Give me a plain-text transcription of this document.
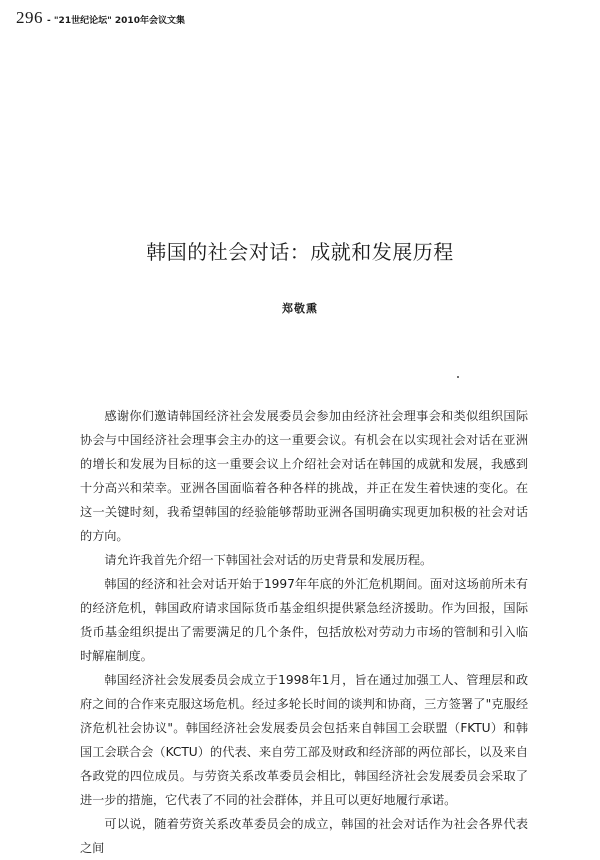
296 - "21世纪论坛" 2010年会议文集
韩国的社会对话：成就和发展历程
郑敬熏

感谢你们邀请韩国经济社会发展委员会参加由经济社会理事会和类似组织国际协会与中国经济社会理事会主办的这一重要会议。有机会在以实现社会对话在亚洲的增长和发展为目标的这一重要会议上介绍社会对话在韩国的成就和发展，我感到十分高兴和荣幸。亚洲各国面临着各种各样的挑战，并正在发生着快速的变化。在这一关键时刻，我希望韩国的经验能够帮助亚洲各国明确实现更加积极的社会对话的方向。

请允许我首先介绍一下韩国社会对话的历史背景和发展历程。

韩国的经济和社会对话开始于1997年年底的外汇危机期间。面对这场前所未有的经济危机，韩国政府请求国际货币基金组织提供紧急经济援助。作为回报，国际货币基金组织提出了需要满足的几个条件，包括放松对劳动力市场的管制和引入临时解雇制度。

韩国经济社会发展委员会成立于1998年1月，旨在通过加强工人、管理层和政府之间的合作来克服这场危机。经过多轮长时间的谈判和协商，三方签署了"克服经济危机社会协议"。韩国经济社会发展委员会包括来自韩国工会联盟（FKTU）和韩国工会联合会（KCTU）的代表、来自劳工部及财政和经济部的两位部长，以及来自各政党的四位成员。与劳资关系改革委员会相比，韩国经济社会发展委员会采取了进一步的措施，它代表了不同的社会群体，并且可以更好地履行承诺。

可以说，随着劳资关系改革委员会的成立，韩国的社会对话作为社会各界代表之间
